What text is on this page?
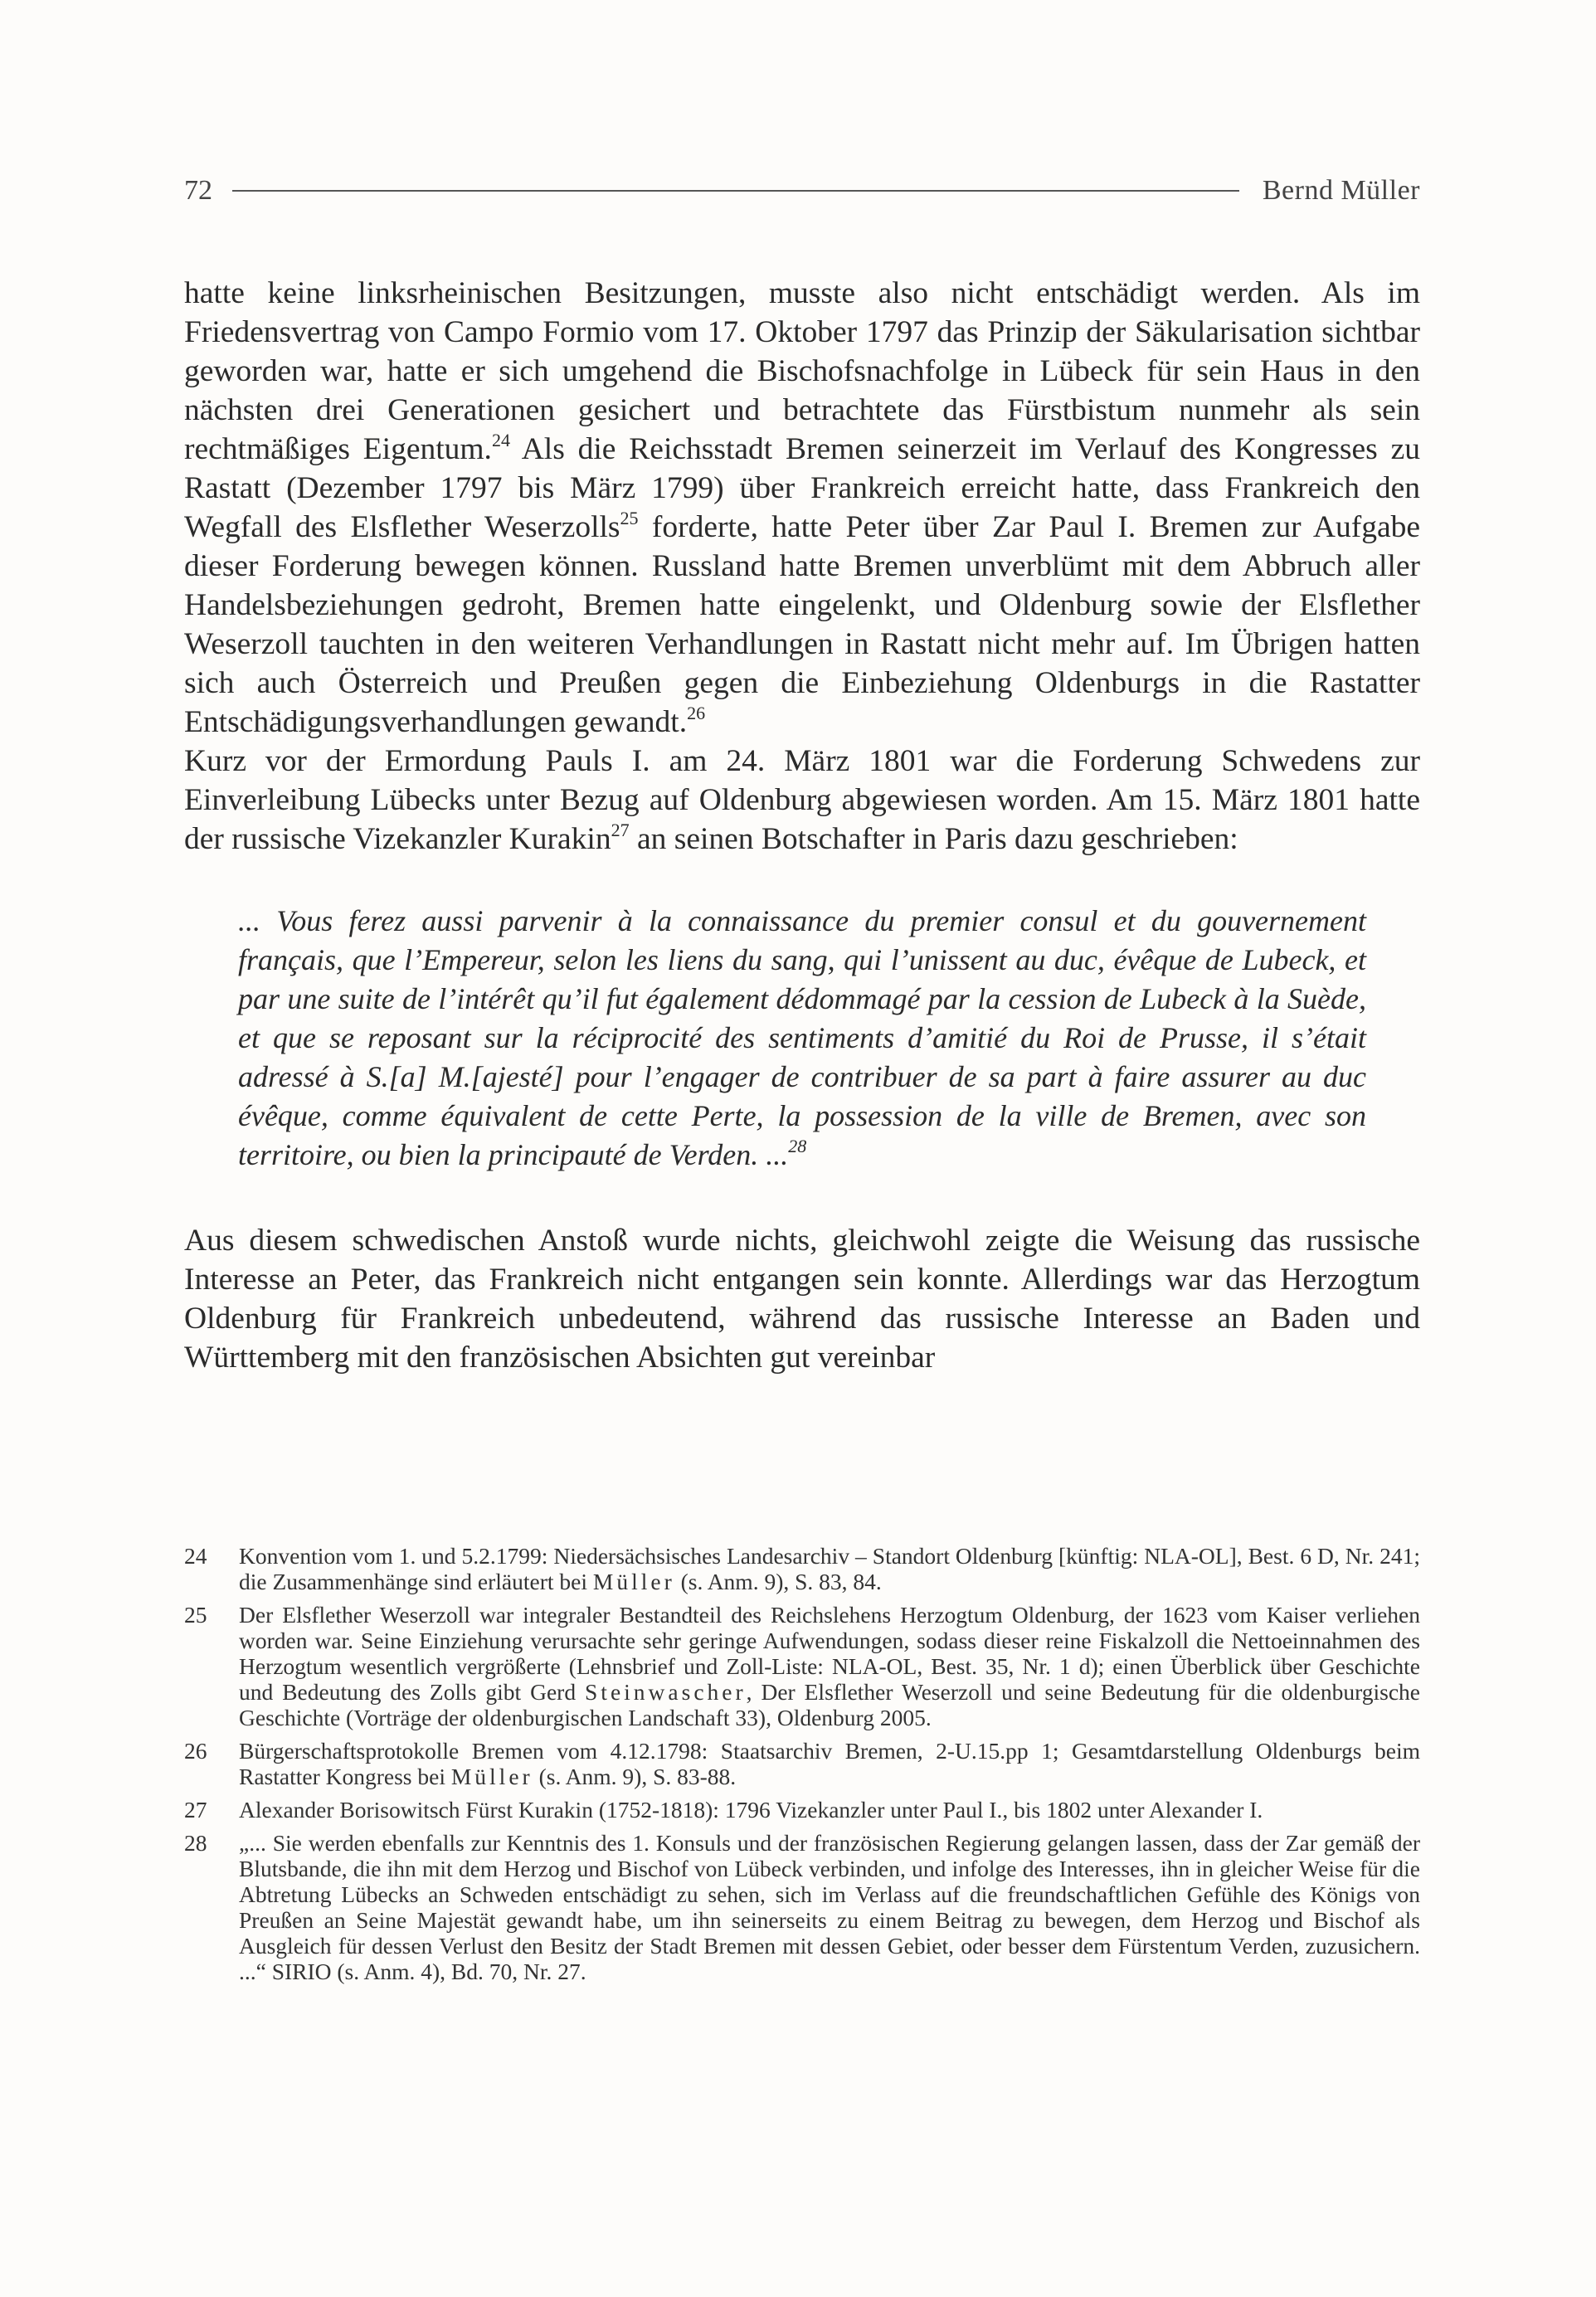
72	Bernd Müller

hatte keine linksrheinischen Besitzungen, musste also nicht entschädigt werden. Als im Friedensvertrag von Campo Formio vom 17. Oktober 1797 das Prinzip der Säkularisation sichtbar geworden war, hatte er sich umgehend die Bischofsnachfolge in Lübeck für sein Haus in den nächsten drei Generationen gesichert und betrachtete das Fürstbistum nunmehr als sein rechtmäßiges Eigentum.$^{24}$ Als die Reichsstadt Bremen seinerzeit im Verlauf des Kongresses zu Rastatt (Dezember 1797 bis März 1799) über Frankreich erreicht hatte, dass Frankreich den Wegfall des Elsflether Weserzolls$^{25}$ forderte, hatte Peter über Zar Paul I. Bremen zur Aufgabe dieser Forderung bewegen können. Russland hatte Bremen unverblümt mit dem Abbruch aller Handelsbeziehungen gedroht, Bremen hatte eingelenkt, und Oldenburg sowie der Elsflether Weserzoll tauchten in den weiteren Verhandlungen in Rastatt nicht mehr auf. Im Übrigen hatten sich auch Österreich und Preußen gegen die Einbeziehung Oldenburgs in die Rastatter Entschädigungsverhandlungen gewandt.$^{26}$

Kurz vor der Ermordung Pauls I. am 24. März 1801 war die Forderung Schwedens zur Einverleibung Lübecks unter Bezug auf Oldenburg abgewiesen worden. Am 15. März 1801 hatte der russische Vizekanzler Kurakin$^{27}$ an seinen Botschafter in Paris dazu geschrieben:

... Vous ferez aussi parvenir à la connaissance du premier consul et du gouvernement français, que l’Empereur, selon les liens du sang, qui l’unissent au duc, évêque de Lubeck, et par une suite de l’intérêt qu’il fut également dédommagé par la cession de Lubeck à la Suède, et que se reposant sur la réciprocité des sentiments d’amitié du Roi de Prusse, il s’était adressé à S.[a] M.[ajesté] pour l’engager de contribuer de sa part à faire assurer au duc évêque, comme équivalent de cette Perte, la possession de la ville de Bremen, avec son territoire, ou bien la principauté de Verden. ...$^{28}$

Aus diesem schwedischen Anstoß wurde nichts, gleichwohl zeigte die Weisung das russische Interesse an Peter, das Frankreich nicht entgangen sein konnte. Allerdings war das Herzogtum Oldenburg für Frankreich unbedeutend, während das russische Interesse an Baden und Württemberg mit den französischen Absichten gut vereinbar

24	Konvention vom 1. und 5.2.1799: Niedersächsisches Landesarchiv – Standort Oldenburg [künftig: NLA-OL], Best. 6 D, Nr. 241; die Zusammenhänge sind erläutert bei Müller (s. Anm. 9), S. 83, 84.
25	Der Elsflether Weserzoll war integraler Bestandteil des Reichslehens Herzogtum Oldenburg, der 1623 vom Kaiser verliehen worden war. Seine Einziehung verursachte sehr geringe Aufwendungen, sodass dieser reine Fiskalzoll die Nettoeinnahmen des Herzogtum wesentlich vergrößerte (Lehnsbrief und Zoll-Liste: NLA-OL, Best. 35, Nr. 1 d); einen Überblick über Geschichte und Bedeutung des Zolls gibt Gerd Steinwascher, Der Elsflether Weserzoll und seine Bedeutung für die oldenburgische Geschichte (Vorträge der oldenburgischen Landschaft 33), Oldenburg 2005.
26	Bürgerschaftsprotokolle Bremen vom 4.12.1798: Staatsarchiv Bremen, 2-U.15.pp 1; Gesamtdarstellung Oldenburgs beim Rastatter Kongress bei Müller (s. Anm. 9), S. 83-88.
27	Alexander Borisowitsch Fürst Kurakin (1752-1818): 1796 Vizekanzler unter Paul I., bis 1802 unter Alexander I.
28	„... Sie werden ebenfalls zur Kenntnis des 1. Konsuls und der französischen Regierung gelangen lassen, dass der Zar gemäß der Blutsbande, die ihn mit dem Herzog und Bischof von Lübeck verbinden, und infolge des Interesses, ihn in gleicher Weise für die Abtretung Lübecks an Schweden entschädigt zu sehen, sich im Verlass auf die freundschaftlichen Gefühle des Königs von Preußen an Seine Majestät gewandt habe, um ihn seinerseits zu einem Beitrag zu bewegen, dem Herzog und Bischof als Ausgleich für dessen Verlust den Besitz der Stadt Bremen mit dessen Gebiet, oder besser dem Fürstentum Verden, zuzusichern. ...“ SIRIO (s. Anm. 4), Bd. 70, Nr. 27.
